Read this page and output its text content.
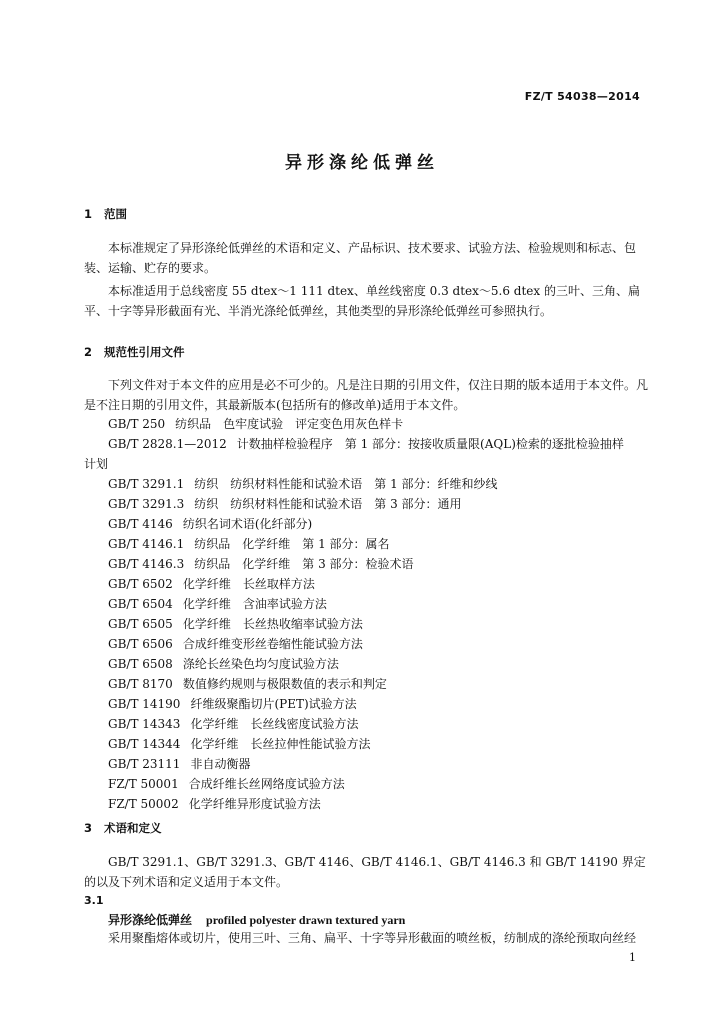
FZ/T 54038—2014
异形涤纶低弹丝
1 范围
本标准规定了异形涤纶低弹丝的术语和定义、产品标识、技术要求、试验方法、检验规则和标志、包装、运输、贮存的要求。
本标准适用于总线密度 55 dtex～1 111 dtex、单丝线密度 0.3 dtex～5.6 dtex 的三叶、三角、扁平、十字等异形截面有光、半消光涤纶低弹丝，其他类型的异形涤纶低弹丝可参照执行。
2 规范性引用文件
下列文件对于本文件的应用是必不可少的。凡是注日期的引用文件，仅注日期的版本适用于本文件。凡是不注日期的引用文件，其最新版本(包括所有的修改单)适用于本文件。
GB/T 250 纺织品　色牢度试验　评定变色用灰色样卡
GB/T 2828.1—2012 计数抽样检验程序　第 1 部分：按接收质量限(AQL)检索的逐批检验抽样
计划
GB/T 3291.1 纺织　纺织材料性能和试验术语　第 1 部分：纤维和纱线
GB/T 3291.3 纺织　纺织材料性能和试验术语　第 3 部分：通用
GB/T 4146 纺织名词术语(化纤部分)
GB/T 4146.1 纺织品　化学纤维　第 1 部分：属名
GB/T 4146.3 纺织品　化学纤维　第 3 部分：检验术语
GB/T 6502 化学纤维　长丝取样方法
GB/T 6504 化学纤维　含油率试验方法
GB/T 6505 化学纤维　长丝热收缩率试验方法
GB/T 6506 合成纤维变形丝卷缩性能试验方法
GB/T 6508 涤纶长丝染色均匀度试验方法
GB/T 8170 数值修约规则与极限数值的表示和判定
GB/T 14190 纤维级聚酯切片(PET)试验方法
GB/T 14343 化学纤维　长丝线密度试验方法
GB/T 14344 化学纤维　长丝拉伸性能试验方法
GB/T 23111 非自动衡器
FZ/T 50001 合成纤维长丝网络度试验方法
FZ/T 50002 化学纤维异形度试验方法
3 术语和定义
GB/T 3291.1、GB/T 3291.3、GB/T 4146、GB/T 4146.1、GB/T 4146.3 和 GB/T 14190 界定的以及下列术语和定义适用于本文件。
3.1
异形涤纶低弹丝 profiled polyester drawn textured yarn
采用聚酯熔体或切片，使用三叶、三角、扁平、十字等异形截面的喷丝板，纺制成的涤纶预取向丝经
1
